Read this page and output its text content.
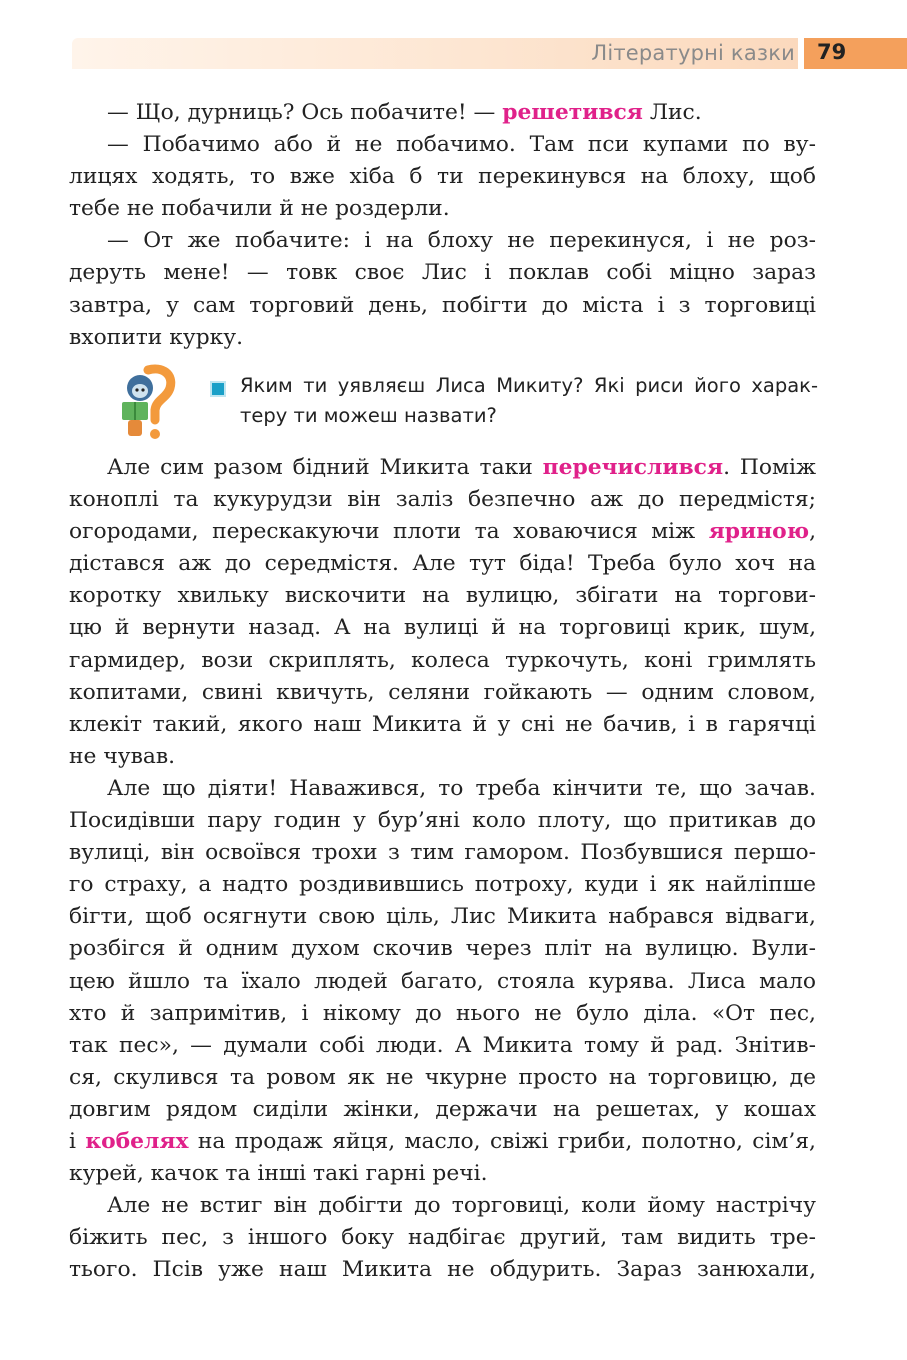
Літературні казки 79
— Що, дурниць? Ось побачите! — решетився Лис.
— Побачимо або й не побачимо. Там пси купами по ву-
лицях ходять, то вже хіба б ти перекинувся на блоху, щоб
тебе не побачили й не роздерли.
— От же побачите: і на блоху не перекинуся, і не роз-
деруть мене! — товк своє Лис і поклав собі міцно зараз
завтра, у сам торговий день, побігти до міста і з торговиці
вхопити курку.
Яким ти уявляєш Лиса Микиту? Які риси його харак-
теру ти можеш назвати?
Але сим разом бідний Микита таки перечислився. Поміж
коноплі та кукурудзи він заліз безпечно аж до передмістя;
огородами, перескакуючи плоти та ховаючися між яриною,
дістався аж до середмістя. Але тут біда! Треба було хоч на
коротку хвильку вискочити на вулицю, збігати на торгови-
цю й вернути назад. А на вулиці й на торговиці крик, шум,
гармидер, вози скриплять, колеса туркочуть, коні гримлять
копитами, свині квичуть, селяни гойкають — одним словом,
клекіт такий, якого наш Микита й у сні не бачив, і в гарячці
не чував.
Але що діяти! Наважився, то треба кінчити те, що зачав.
Посидівши пару годин у бур’яні коло плоту, що притикав до
вулиці, він освоївся трохи з тим гамором. Позбувшися першо-
го страху, а надто роздивившись потроху, куди і як найліпше
бігти, щоб осягнути свою ціль, Лис Микита набрався відваги,
розбігся й одним духом скочив через пліт на вулицю. Вули-
цею йшло та їхало людей багато, стояла курява. Лиса мало
хто й запримітив, і нікому до нього не було діла. «От пес,
так пес», — думали собі люди. А Микита тому й рад. Знітив-
ся, скулився та ровом як не чкурне просто на торговицю, де
довгим рядом сиділи жінки, держачи на решетах, у кошах
і кобелях на продаж яйця, масло, свіжі гриби, полотно, сім’я,
курей, качок та інші такі гарні речі.
Але не встиг він добігти до торговиці, коли йому настрічу
біжить пес, з іншого боку надбігає другий, там видить тре-
тього. Псів уже наш Микита не обдурить. Зараз занюхали,
